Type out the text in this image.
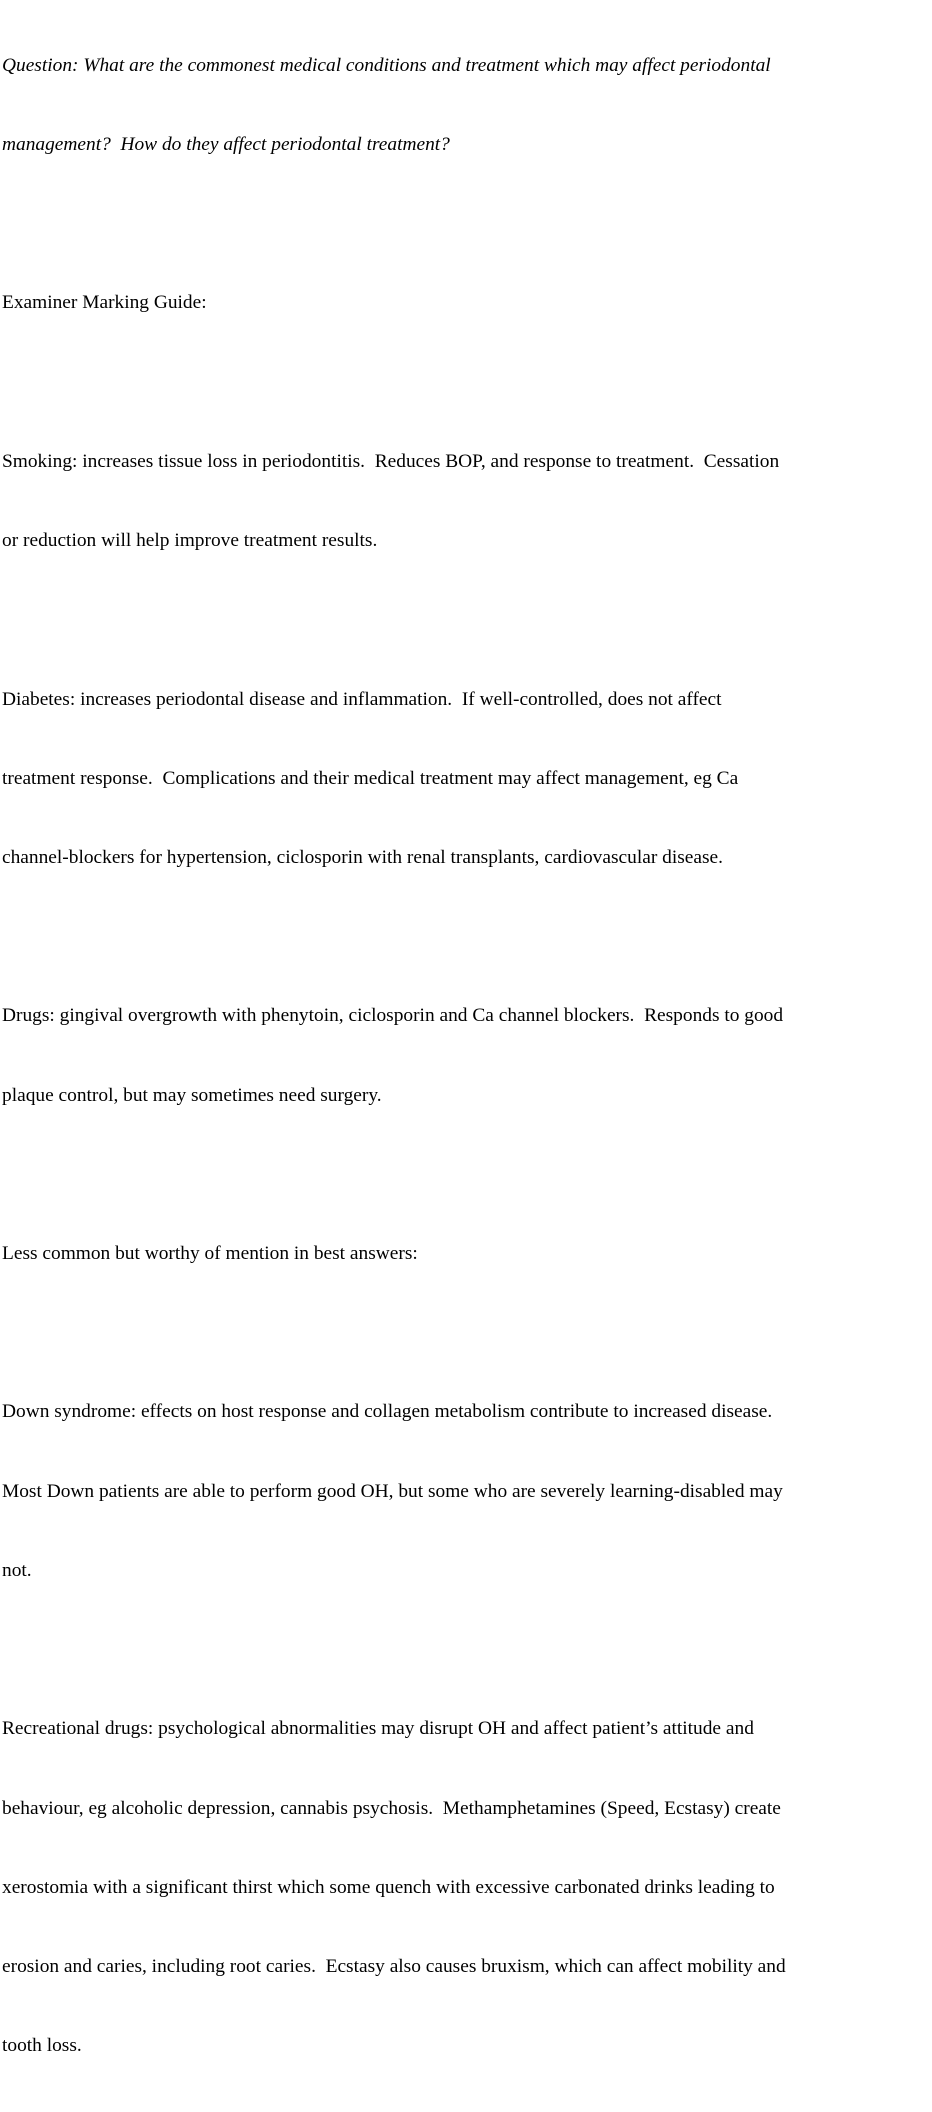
Question: What are the commonest medical conditions and treatment which may affect periodontal

management?  How do they affect periodontal treatment?

Examiner Marking Guide:

Smoking: increases tissue loss in periodontitis.  Reduces BOP, and response to treatment.  Cessation

or reduction will help improve treatment results.

Diabetes: increases periodontal disease and inflammation.  If well-controlled, does not affect

treatment response.  Complications and their medical treatment may affect management, eg Ca

channel-blockers for hypertension, ciclosporin with renal transplants, cardiovascular disease.

Drugs: gingival overgrowth with phenytoin, ciclosporin and Ca channel blockers.  Responds to good

plaque control, but may sometimes need surgery.

Less common but worthy of mention in best answers:

Down syndrome: effects on host response and collagen metabolism contribute to increased disease.

Most Down patients are able to perform good OH, but some who are severely learning-disabled may

not.

Recreational drugs: psychological abnormalities may disrupt OH and affect patient’s attitude and

behaviour, eg alcoholic depression, cannabis psychosis.  Methamphetamines (Speed, Ecstasy) create

xerostomia with a significant thirst which some quench with excessive carbonated drinks leading to

erosion and caries, including root caries.  Ecstasy also causes bruxism, which can affect mobility and

tooth loss.
